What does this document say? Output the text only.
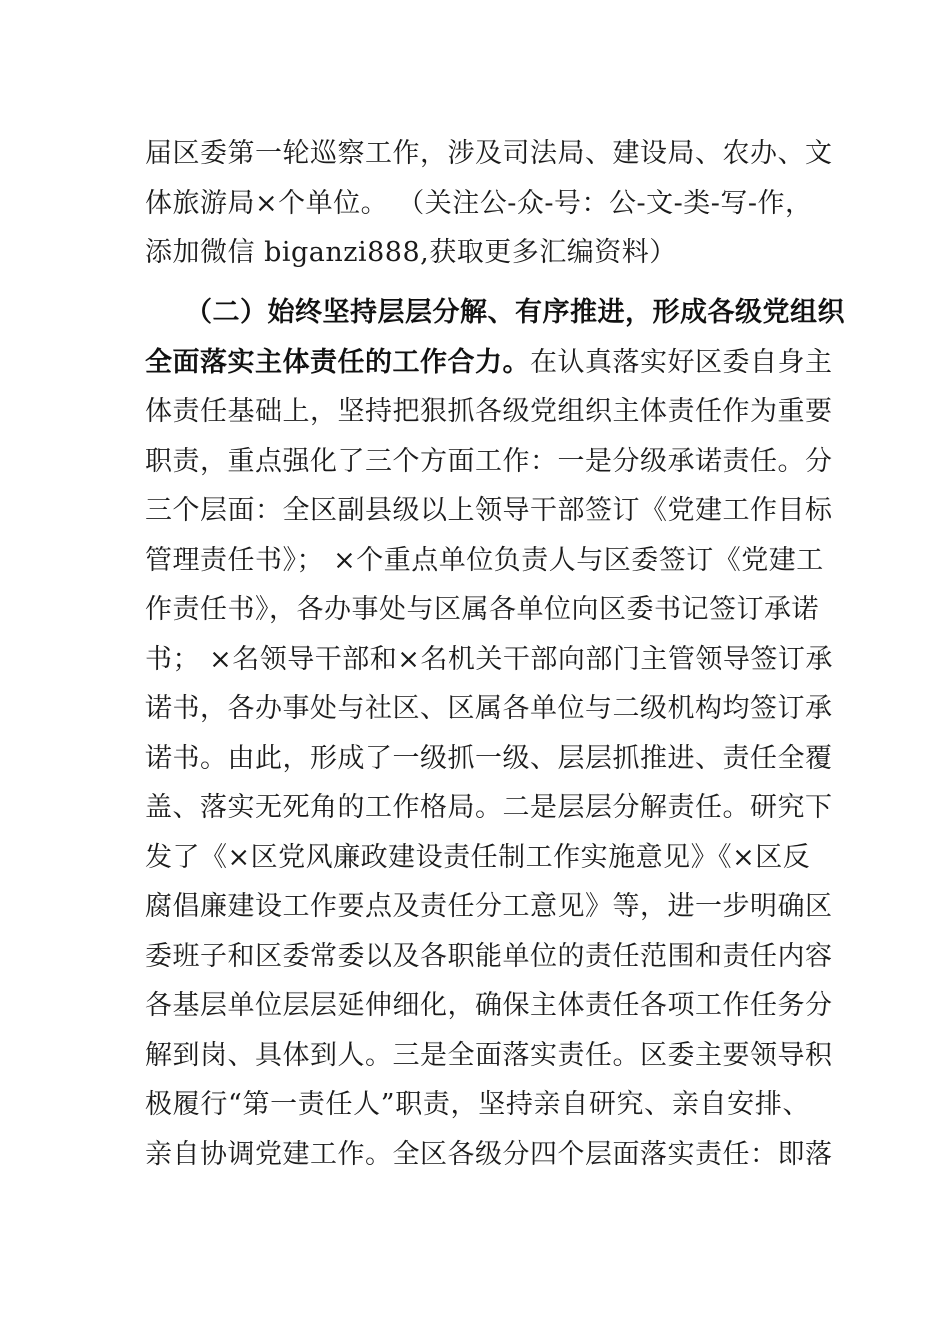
届区委第一轮巡察工作，涉及司法局、建设局、农办、文
体旅游局×个单位。 （关注公-众-号：公-文-类-写-作，
添加微信 biganzi888,获取更多汇编资料）
（二）始终坚持层层分解、有序推进，形成各级党组织
全面落实主体责任的工作合力。在认真落实好区委自身主
体责任基础上，坚持把狠抓各级党组织主体责任作为重要
职责，重点强化了三个方面工作：一是分级承诺责任。分
三个层面：全区副县级以上领导干部签订《党建工作目标
管理责任书》； ×个重点单位负责人与区委签订《党建工
作责任书》，各办事处与区属各单位向区委书记签订承诺
书； ×名领导干部和×名机关干部向部门主管领导签订承
诺书，各办事处与社区、区属各单位与二级机构均签订承
诺书。由此，形成了一级抓一级、层层抓推进、责任全覆
盖、落实无死角的工作格局。二是层层分解责任。研究下
发了《×区党风廉政建设责任制工作实施意见》《×区反
腐倡廉建设工作要点及责任分工意见》等，进一步明确区
委班子和区委常委以及各职能单位的责任范围和责任内容
各基层单位层层延伸细化，确保主体责任各项工作任务分
解到岗、具体到人。三是全面落实责任。区委主要领导积
极履行“第一责任人”职责，坚持亲自研究、亲自安排、
亲自协调党建工作。全区各级分四个层面落实责任：即落
